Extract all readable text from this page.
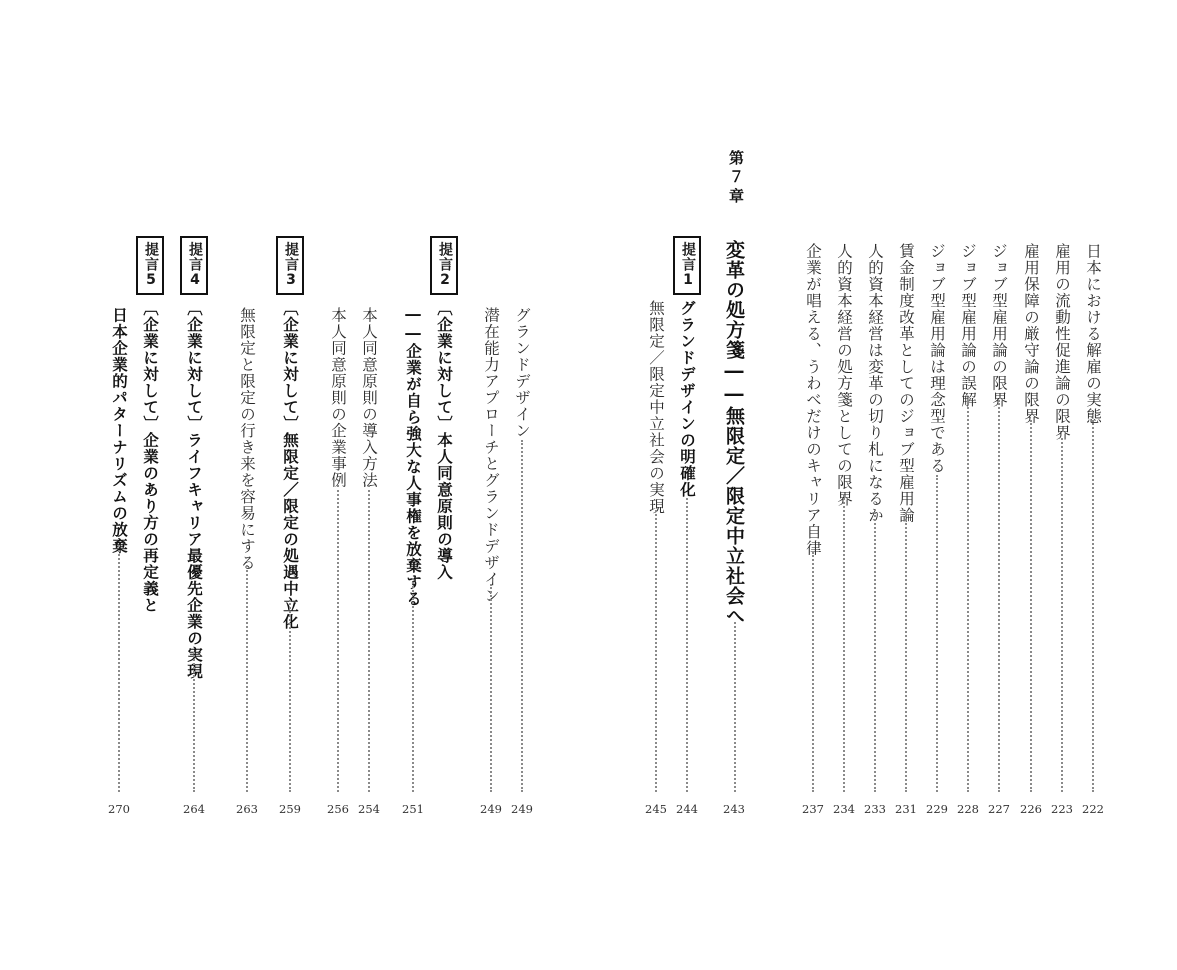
日本における解雇の実態
222
雇用の流動性促進論の限界
223
雇用保障の厳守論の限界
226
ジョブ型雇用論の限界
227
ジョブ型雇用論の誤解
228
ジョブ型雇用論は理念型である
229
賃金制度改革としてのジョブ型雇用論
231
人的資本経営は変革の切り札になるか
233
人的資本経営の処方箋としての限界
234
企業が唱える、うわべだけのキャリア自律
237
第７章
変革の処方箋――無限定／限定中立社会へ
243
提言1
グランドデザインの明確化
244
無限定／限定中立社会の実現
245
グランドデザイン
249
潜在能力アプローチとグランドデザイン
249
提言2
〔企業に対して〕本人同意原則の導入
――企業が自ら強大な人事権を放棄する
251
本人同意原則の導入方法
254
本人同意原則の企業事例
256
提言3
〔企業に対して〕無限定／限定の処遇中立化
259
無限定と限定の行き来を容易にする
263
提言4
〔企業に対して〕ライフキャリア最優先企業の実現
264
提言5
〔企業に対して〕企業のあり方の再定義と
日本企業的パターナリズムの放棄
270
